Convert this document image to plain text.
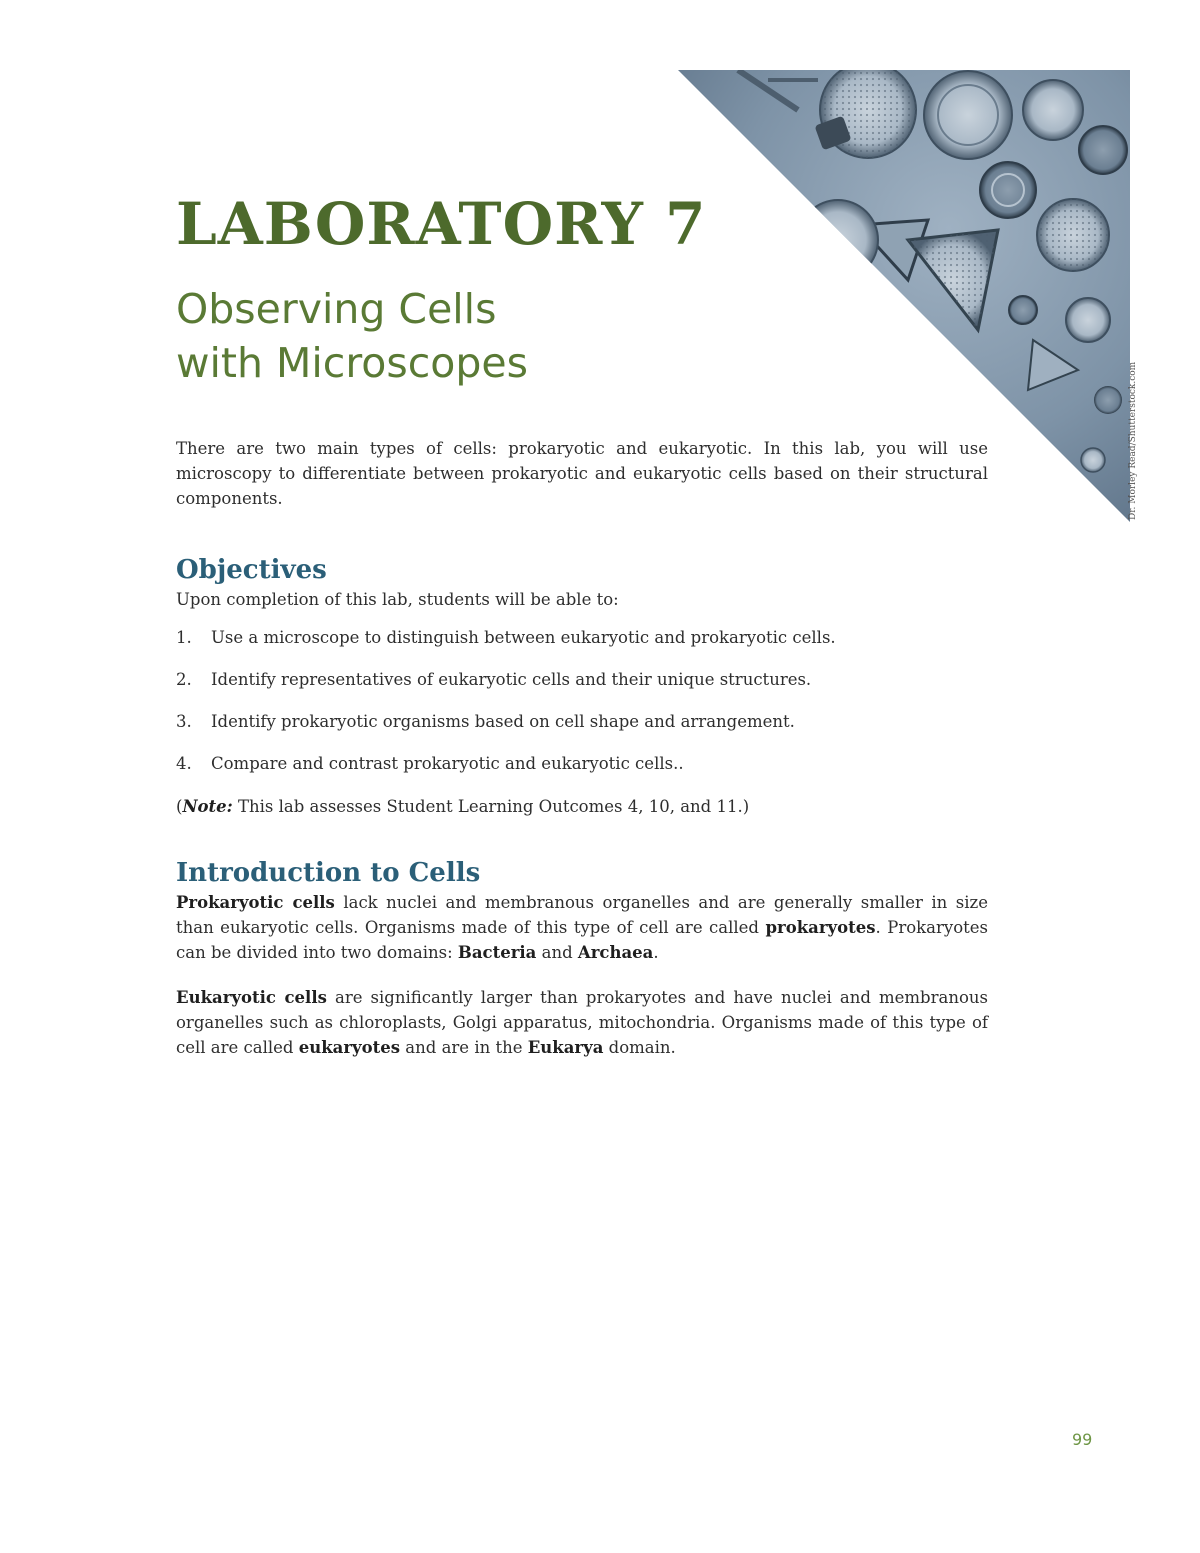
Dr. Morley Read/Shutterstock.com
LABORATORY 7
Observing Cells
with Microscopes

There are two main types of cells: prokaryotic and eukaryotic. In this lab, you will use microscopy to differentiate between prokaryotic and eukaryotic cells based on their structural components.

Objectives

Upon completion of this lab, students will be able to:

1.	Use a microscope to distinguish between eukaryotic and prokaryotic cells.
2.	Identify representatives of eukaryotic cells and their unique structures.
3.	Identify prokaryotic organisms based on cell shape and arrangement.
4.	Compare and contrast prokaryotic and eukaryotic cells..

(Note: This lab assesses Student Learning Outcomes 4, 10, and 11.)

Introduction to Cells

Prokaryotic cells lack nuclei and membranous organelles and are generally smaller in size than eukaryotic cells. Organisms made of this type of cell are called prokaryotes. Prokaryotes can be divided into two domains: Bacteria and Archaea.

Eukaryotic cells are significantly larger than prokaryotes and have nuclei and membranous organelles such as chloroplasts, Golgi apparatus, mitochondria. Organisms made of this type of cell are called eukaryotes and are in the Eukarya domain.

99
